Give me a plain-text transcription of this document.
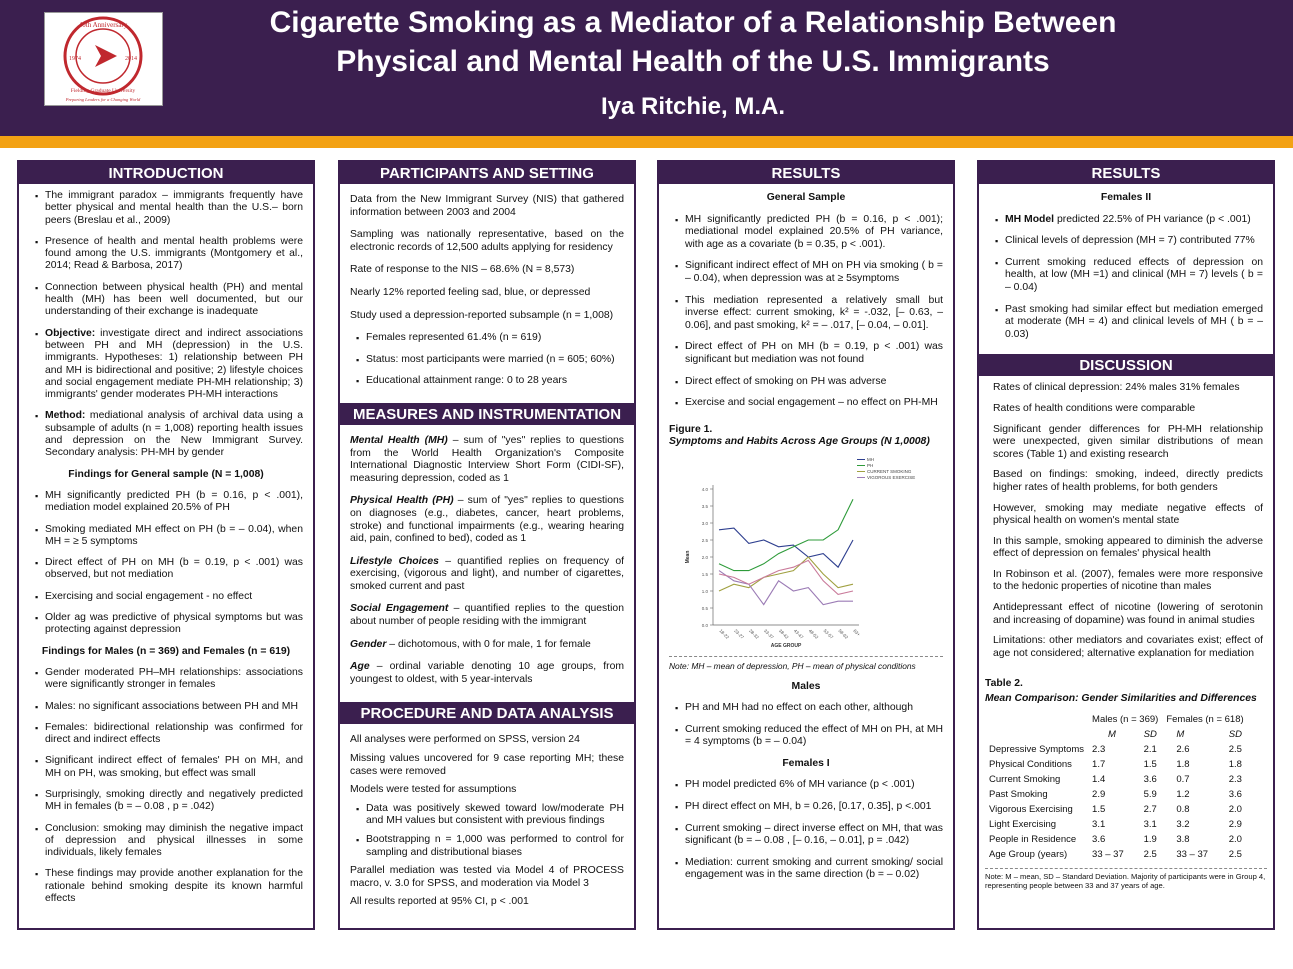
40th Anniversary
1974	2014
Fielding Graduate University
Preparing Leaders for a Changing World
Cigarette Smoking as a Mediator of a Relationship Between
Physical and Mental Health of the U.S. Immigrants
Iya Ritchie, M.A.
INTRODUCTION
▪ The immigrant paradox – immigrants frequently have better physical and mental health than the U.S.– born peers (Breslau et al., 2009)
▪ Presence of health and mental health problems were found among the U.S. immigrants (Montgomery et al., 2014; Read & Barbosa, 2017)
▪ Connection between physical health (PH) and mental health (MH) has been well documented, but our understanding of their exchange is inadequate
▪ Objective: investigate direct and indirect associations between PH and MH (depression) in the U.S. immigrants. Hypotheses: 1) relationship between PH and MH is bidirectional and positive; 2) lifestyle choices and social engagement mediate PH-MH relationship; 3) immigrants' gender moderates PH-MH interactions
▪ Method: mediational analysis of archival data using a subsample of adults (n = 1,008) reporting health issues and depression on the New Immigrant Survey. Secondary analysis: PH-MH by gender
Findings for General sample (N = 1,008)
▪ MH significantly predicted PH (b = 0.16, p < .001), mediation model explained 20.5% of PH
▪ Smoking mediated MH effect on PH (b = – 0.04), when MH = ≥ 5 symptoms
▪ Direct effect of PH on MH (b = 0.19, p < .001) was observed, but not mediation
▪ Exercising and social engagement - no effect
▪ Older ag was predictive of physical symptoms but was protecting against depression
Findings for Males (n = 369) and Females (n = 619)
▪ Gender moderated PH–MH relationships: associations were significantly stronger in females
▪ Males: no significant associations between PH and MH
▪ Females: bidirectional relationship was confirmed for direct and indirect effects
▪ Significant indirect effect of females' PH on MH, and MH on PH, was smoking, but effect was small
▪ Surprisingly, smoking directly and negatively predicted MH in females (b = – 0.08 , p = .042)
▪ Conclusion: smoking may diminish the negative impact of depression and physical illnesses in some individuals, likely females
▪ These findings may provide another explanation for the rationale behind smoking despite its known harmful effects
PARTICIPANTS AND SETTING
Data from the New Immigrant Survey (NIS) that gathered information between 2003 and 2004
Sampling was nationally representative, based on the electronic records of 12,500 adults applying for residency
Rate of response to the NIS – 68.6% (N = 8,573)
Nearly 12% reported feeling sad, blue, or depressed
Study used a depression-reported subsample (n = 1,008)
▪ Females represented 61.4% (n = 619)
▪ Status: most participants were married (n = 605; 60%)
▪ Educational attainment range: 0 to 28 years
MEASURES AND INSTRUMENTATION
Mental Health (MH) – sum of "yes" replies to questions from the World Health Organization's Composite International Diagnostic Interview Short Form (CIDI-SF), measuring depression, coded as 1
Physical Health (PH) – sum of "yes" replies to questions on diagnoses (e.g., diabetes, cancer, heart problems, stroke) and functional impairments (e.g., wearing hearing aid, pain, confined to bed), coded as 1
Lifestyle Choices – quantified replies on frequency of exercising, (vigorous and light), and number of cigarettes, smoked current and past
Social Engagement – quantified replies to the question about number of people residing with the immigrant
Gender – dichotomous, with 0 for male, 1 for female
Age – ordinal variable denoting 10 age groups, from youngest to oldest, with 5 year-intervals
PROCEDURE AND DATA ANALYSIS
All analyses were performed on SPSS, version 24
Missing values uncovered for 9 case reporting MH; these cases were removed
Models were tested for assumptions
▪ Data was positively skewed toward low/moderate PH and MH values but consistent with previous findings
▪ Bootstrapping n = 1,000 was performed to control for sampling and distributional biases
Parallel mediation was tested via Model 4 of PROCESS macro, v. 3.0 for SPSS, and moderation via Model 3
All results reported at 95% CI, p < .001
RESULTS
General Sample
▪ MH significantly predicted PH (b = 0.16, p < .001); mediational model explained 20.5% of PH variance, with age as a covariate (b = 0.35, p < .001).
▪ Significant indirect effect of MH on PH via smoking ( b = – 0.04), when depression was at ≥ 5symptoms
▪ This mediation represented a relatively small but inverse effect: current smoking, k² = -.032, [– 0.63, – 0.06], and past smoking, k² = – .017, [– 0.04, – 0.01].
▪ Direct effect of PH on MH (b = 0.19, p < .001) was significant but mediation was not found
▪ Direct effect of smoking on PH was adverse
▪ Exercise and social engagement – no effect on PH-MH
Figure 1.
Symptoms and Habits Across Age Groups (N 1,0008)
0.0
0.5
1.0
1.5
2.0
2.5
3.0
3.5
4.0
18-22 23-27 28-32 33-37 38-42 43-47 48-52 53-57 58-62 63+
AGE GROUP
Mean
MH
PH
CURRENT SMOKING
VIGOROUS EXERCISE
Note: MH – mean of depression, PH – mean of physical conditions
Males
▪ PH and MH had no effect on each other, although
▪ Current smoking reduced the effect of MH on PH, at MH = 4 symptoms (b = – 0.04)
Females I
▪ PH model predicted 6% of MH variance (p < .001)
▪ PH direct effect on MH, b = 0.26, [0.17, 0.35], p <.001
▪ Current smoking – direct inverse effect on MH, that was significant (b = – 0.08 , [– 0.16, – 0.01], p = .042)
▪ Mediation: current smoking and current smoking/ social engagement was in the same direction (b = – 0.02)
RESULTS
Females II
▪ MH Model predicted 22.5% of PH variance (p < .001)
▪ Clinical levels of depression (MH = 7) contributed 77%
▪ Current smoking reduced effects of depression on health, at low (MH =1) and clinical (MH = 7) levels ( b = – 0.04)
▪ Past smoking had similar effect but mediation emerged at moderate (MH = 4) and clinical levels of MH ( b = – 0.03)
DISCUSSION
Rates of clinical depression: 24% males 31% females
Rates of health conditions were comparable
Significant gender differences for PH-MH relationship were unexpected, given similar distributions of mean scores (Table 1) and existing research
Based on findings: smoking, indeed, directly predicts higher rates of health problems, for both genders
However, smoking may mediate negative effects of physical health on women's mental state
In this sample, smoking appeared to diminish the adverse effect of depression on females' physical health
In Robinson et al. (2007), females were more responsive to the hedonic properties of nicotine than males
Antidepressant effect of nicotine (lowering of serotonin and increasing of dopamine) was found in animal studies
Limitations: other mediators and covariates exist; effect of age not considered; alternative explanation for mediation
Table 2.
Mean Comparison: Gender Similarities and Differences
	Males (n = 369)		Females (n = 618)	
	M	SD	M	SD
Depressive Symptoms	2.3	2.1	2.6	2.5
Physical Conditions	1.7	1.5	1.8	1.8
Current Smoking	1.4	3.6	0.7	2.3
Past Smoking	2.9	5.9	1.2	3.6
Vigorous Exercising	1.5	2.7	0.8	2.0
Light Exercising	3.1	3.1	3.2	2.9
People in Residence	3.6	1.9	3.8	2.0
Age Group (years)	33 – 37	2.5	33 – 37	2.5
Note: M – mean, SD – Standard Deviation. Majority of participants were in Group 4, representing people between 33 and 37 years of age.
